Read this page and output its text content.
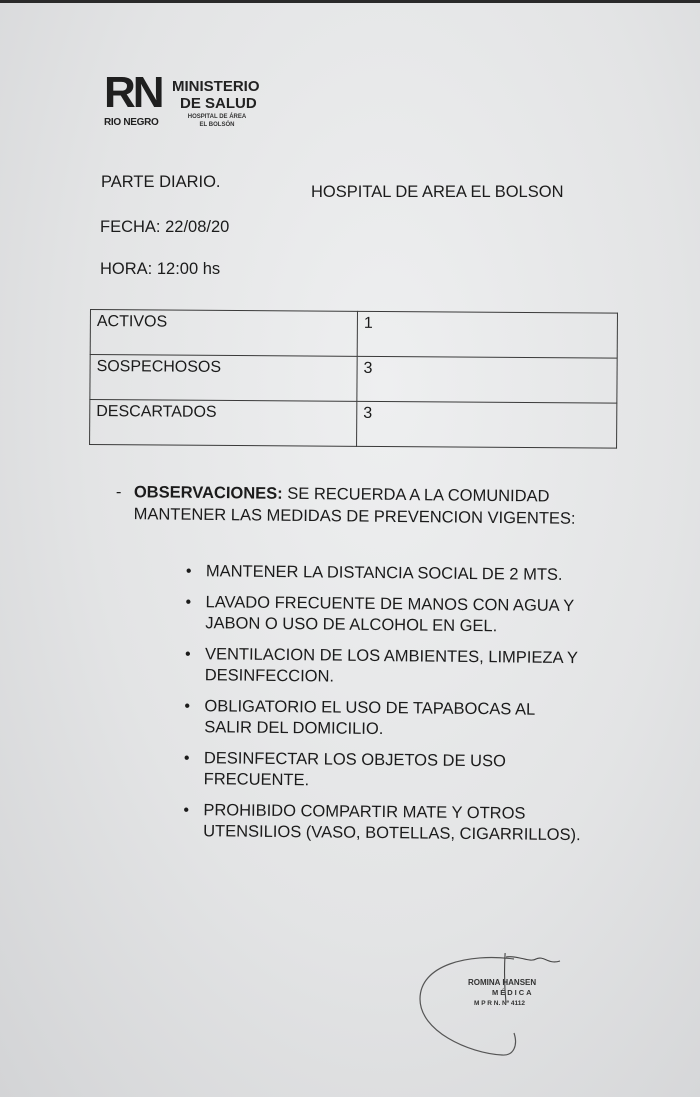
RN
RIO NEGRO
MINISTERIO
DE SALUD
HOSPITAL DE ÁREA EL BOLSÓN
PARTE DIARIO.
HOSPITAL DE AREA EL BOLSON
FECHA: 22/08/20
HORA: 12:00 hs
ACTIVOS	1
SOSPECHOSOS	3
DESCARTADOS	3
- OBSERVACIONES: SE RECUERDA A LA COMUNIDAD MANTENER LAS MEDIDAS DE PREVENCION VIGENTES:
• MANTENER LA DISTANCIA SOCIAL DE 2 MTS.
• LAVADO FRECUENTE DE MANOS CON AGUA Y JABON O USO DE ALCOHOL EN GEL.
• VENTILACION DE LOS AMBIENTES, LIMPIEZA Y DESINFECCION.
• OBLIGATORIO EL USO DE TAPABOCAS AL SALIR DEL DOMICILIO.
• DESINFECTAR LOS OBJETOS DE USO FRECUENTE.
• PROHIBIDO COMPARTIR MATE Y OTROS UTENSILIOS (VASO, BOTELLAS, CIGARRILLOS).
ROMINA HANSEN
MÉDICA
M P R N. Nº 4112
